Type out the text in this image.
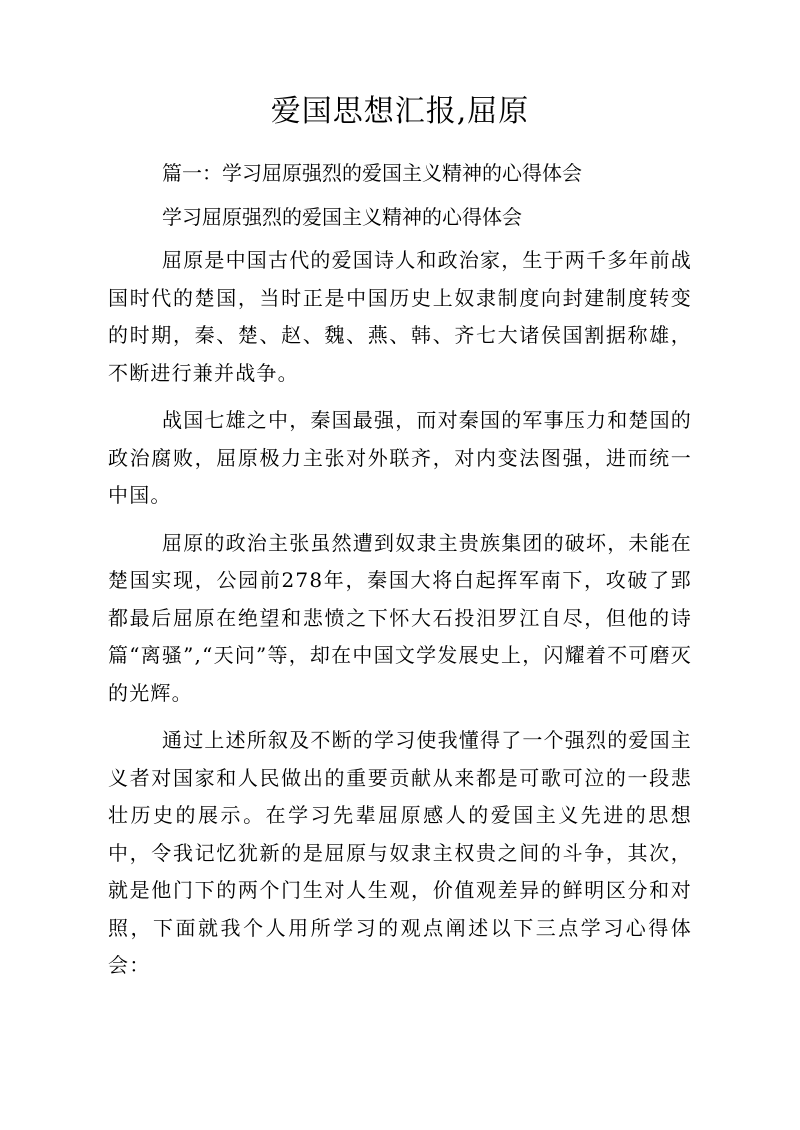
爱国思想汇报,屈原

篇一：学习屈原强烈的爱国主义精神的心得体会

学习屈原强烈的爱国主义精神的心得体会

屈原是中国古代的爱国诗人和政治家，生于两千多年前战国时代的楚国，当时正是中国历史上奴隶制度向封建制度转变的时期，秦、楚、赵、魏、燕、韩、齐七大诸侯国割据称雄，不断进行兼并战争。

战国七雄之中，秦国最强，而对秦国的军事压力和楚国的政治腐败，屈原极力主张对外联齐，对内变法图强，进而统一中国。

屈原的政治主张虽然遭到奴隶主贵族集团的破坏，未能在楚国实现，公园前278年，秦国大将白起挥军南下，攻破了郢都最后屈原在绝望和悲愤之下怀大石投汨罗江自尽，但他的诗篇“离骚”,“天问”等，却在中国文学发展史上，闪耀着不可磨灭的光辉。

通过上述所叙及不断的学习使我懂得了一个强烈的爱国主义者对国家和人民做出的重要贡献从来都是可歌可泣的一段悲壮历史的展示。在学习先辈屈原感人的爱国主义先进的思想中，令我记忆犹新的是屈原与奴隶主权贵之间的斗争，其次，就是他门下的两个门生对人生观，价值观差异的鲜明区分和对照，下面就我个人用所学习的观点阐述以下三点学习心得体会：
